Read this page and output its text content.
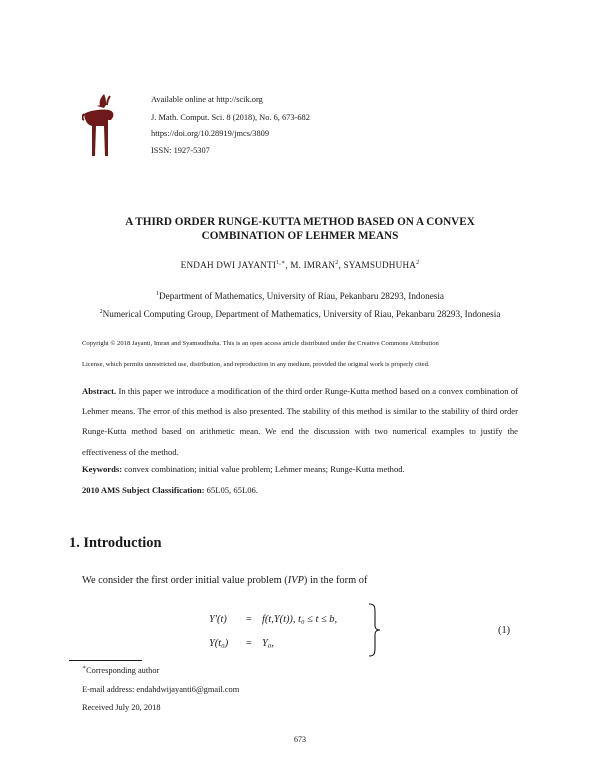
Available online at http://scik.org
J. Math. Comput. Sci. 8 (2018), No. 6, 673-682
https://doi.org/10.28919/jmcs/3809
ISSN: 1927-5307
A THIRD ORDER RUNGE-KUTTA METHOD BASED ON A CONVEX
COMBINATION OF LEHMER MEANS
ENDAH DWI $JAYANTI^{1,∗}$, M. IMRAN$^2$, SYAMSUDHUHA$^2$
$^1$Department of Mathematics, University of Riau, Pekanbaru 28293, Indonesia
$^2$Numerical Computing Group, Department of Mathematics, University of Riau, Pekanbaru 28293, Indonesia
Copyright © 2018 Jayanti, Imran and Syamsudhuha. This is an open access article distributed under the Creative Commons Attribution
License, which permits unrestricted use, distribution, and reproduction in any medium, provided the original work is properly cited.
Abstract. In this paper we introduce a modification of the third order Runge-Kutta method based on a convex combination of Lehmer means. The error of this method is also presented. The stability of this method is similar to the stability of third order Runge-Kutta method based on arithmetic mean. We end the discussion with two numerical examples to justify the effectiveness of the method.
Keywords: convex combination; initial value problem; Lehmer means; Runge-Kutta method.
2010 AMS Subject Classification: 65L05, 65L06.
1. Introduction
We consider the first order initial value problem (IVP) in the form of
Y′(t) = f(t,Y(t)), t₀ ≤ t ≤ b,
Y(t₀) = Y₀,
(1)
∗Corresponding author
E-mail address: endahdwijayanti6@gmail.com
Received July 20, 2018
673
